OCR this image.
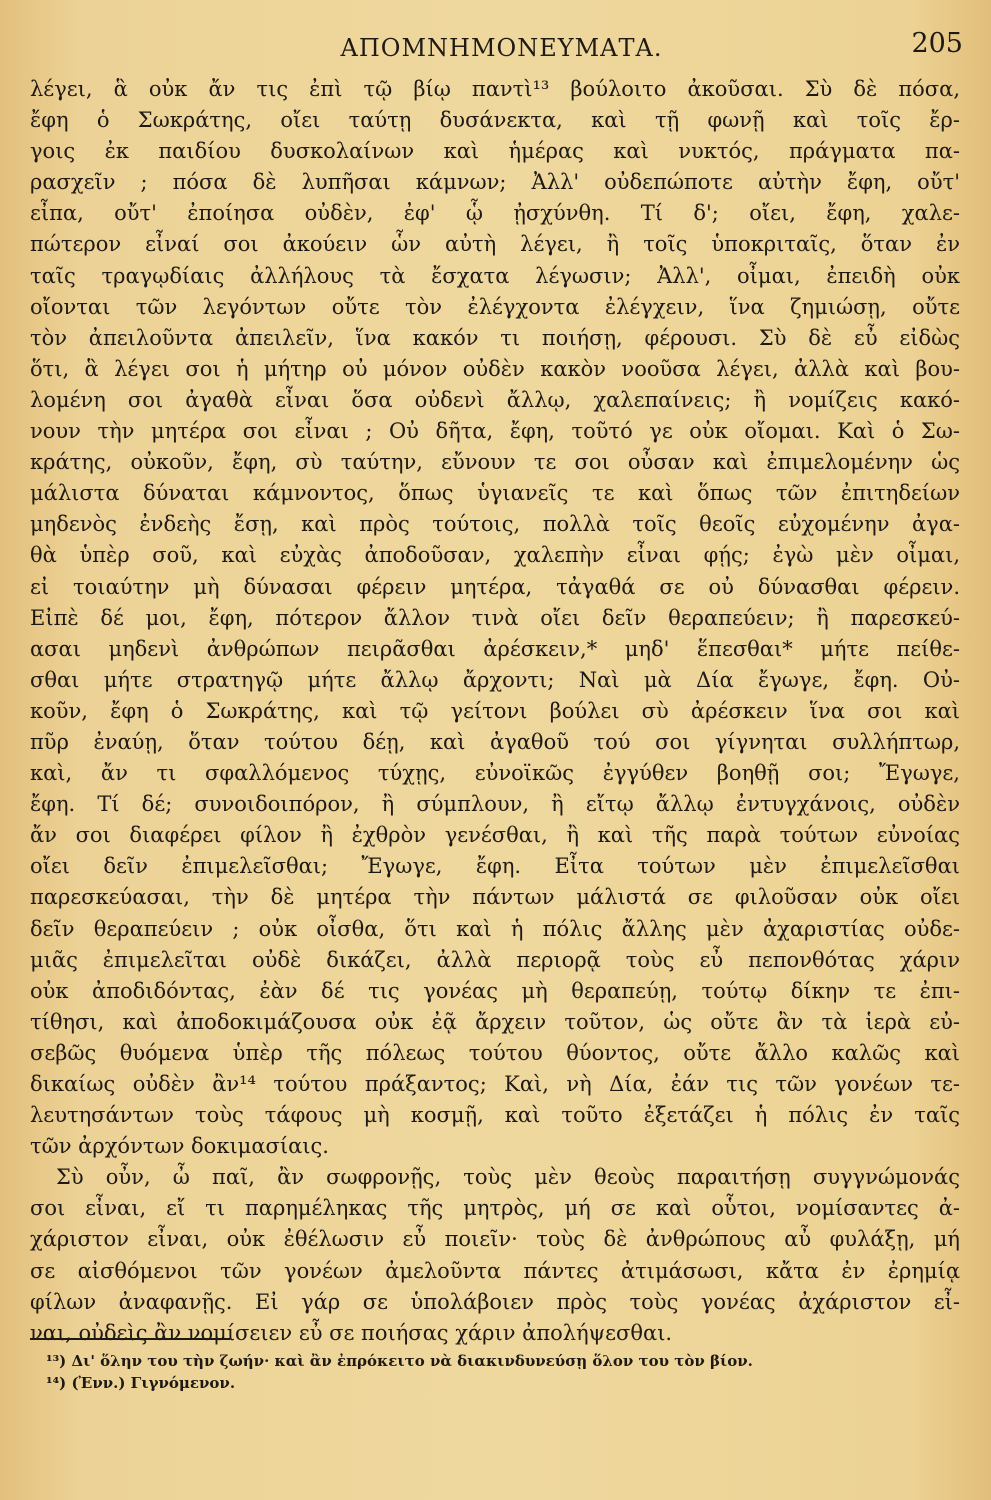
ΑΠΟΜΝΗΜΟΝΕΥΜΑΤΑ.	205
λέγει, ἃ οὐκ ἄν τις ἐπὶ τῷ βίῳ παντὶ¹³ βούλοιτο ἀκοῦσαι. Σὺ δὲ πόσα,
ἔφη ὁ Σωκράτης, οἴει ταύτῃ δυσάνεκτα, καὶ τῇ φωνῇ καὶ τοῖς ἔρ-
γοις ἐκ παιδίου δυσκολαίνων καὶ ἡμέρας καὶ νυκτός, πράγματα πα-
ρασχεῖν ; πόσα δὲ λυπῆσαι κάμνων; Ἀλλ' οὐδεπώποτε αὐτὴν ἔφη, οὔτ'
εἶπα, οὔτ' ἐποίησα οὐδὲν, ἐφ' ᾧ ᾐσχύνθη. Τί δ'; οἴει, ἔφη, χαλε-
πώτερον εἶναί σοι ἀκούειν ὧν αὐτὴ λέγει, ἢ τοῖς ὑποκριταῖς, ὅταν ἐν
ταῖς τραγῳδίαις ἀλλήλους τὰ ἔσχατα λέγωσιν; Ἀλλ', οἶμαι, ἐπειδὴ οὐκ
οἴονται τῶν λεγόντων οὔτε τὸν ἐλέγχοντα ἐλέγχειν, ἵνα ζημιώσῃ, οὔτε
τὸν ἀπειλοῦντα ἀπειλεῖν, ἵνα κακόν τι ποιήσῃ, φέρουσι. Σὺ δὲ εὖ εἰδὼς
ὅτι, ἃ λέγει σοι ἡ μήτηρ οὐ μόνον οὐδὲν κακὸν νοοῦσα λέγει, ἀλλὰ καὶ βου-
λομένη σοι ἀγαθὰ εἶναι ὅσα οὐδενὶ ἄλλῳ, χαλεπαίνεις; ἢ νομίζεις κακό-
νουν τὴν μητέρα σοι εἶναι ; Οὐ δῆτα, ἔφη, τοῦτό γε οὐκ οἴομαι. Καὶ ὁ Σω-
κράτης, οὐκοῦν, ἔφη, σὺ ταύτην, εὔνουν τε σοι οὖσαν καὶ ἐπιμελομένην ὡς
μάλιστα δύναται κάμνοντος, ὅπως ὑγιανεῖς τε καὶ ὅπως τῶν ἐπιτηδείων
μηδενὸς ἐνδεὴς ἔσῃ, καὶ πρὸς τούτοις, πολλὰ τοῖς θεοῖς εὐχομένην ἀγα-
θὰ ὑπὲρ σοῦ, καὶ εὐχὰς ἀποδοῦσαν, χαλεπὴν εἶναι φῄς; ἐγὼ μὲν οἶμαι,
εἰ τοιαύτην μὴ δύνασαι φέρειν μητέρα, τἀγαθά σε οὐ δύνασθαι φέρειν.
Εἰπὲ δέ μοι, ἔφη, πότερον ἄλλον τινὰ οἴει δεῖν θεραπεύειν; ἢ παρεσκεύ-
ασαι μηδενὶ ἀνθρώπων πειρᾶσθαι ἀρέσκειν,* μηδ' ἕπεσθαι* μήτε πείθε-
σθαι μήτε στρατηγῷ μήτε ἄλλῳ ἄρχοντι; Ναὶ μὰ Δία ἔγωγε, ἔφη. Οὐ-
κοῦν, ἔφη ὁ Σωκράτης, καὶ τῷ γείτονι βούλει σὺ ἀρέσκειν ἵνα σοι καὶ
πῦρ ἐναύῃ, ὅταν τούτου δέῃ, καὶ ἀγαθοῦ τού σοι γίγνηται συλλήπτωρ,
καὶ, ἄν τι σφαλλόμενος τύχῃς, εὐνοϊκῶς ἐγγύθεν βοηθῇ σοι; Ἔγωγε,
ἔφη. Τί δέ; συνοιδοιπόρον, ἢ σύμπλουν, ἢ εἴτῳ ἄλλῳ ἐντυγχάνοις, οὐδὲν
ἄν σοι διαφέρει φίλον ἢ ἐχθρὸν γενέσθαι, ἢ καὶ τῆς παρὰ τούτων εὐνοίας
οἴει δεῖν ἐπιμελεῖσθαι; Ἔγωγε, ἔφη. Εἶτα τούτων μὲν ἐπιμελεῖσθαι
παρεσκεύασαι, τὴν δὲ μητέρα τὴν πάντων μάλιστά σε φιλοῦσαν οὐκ οἴει
δεῖν θεραπεύειν ; οὐκ οἶσθα, ὅτι καὶ ἡ πόλις ἄλλης μὲν ἀχαριστίας οὐδε-
μιᾶς ἐπιμελεῖται οὐδὲ δικάζει, ἀλλὰ περιορᾷ τοὺς εὖ πεπονθότας χάριν
οὐκ ἀποδιδόντας, ἐὰν δέ τις γονέας μὴ θεραπεύῃ, τούτῳ δίκην τε ἐπι-
τίθησι, καὶ ἀποδοκιμάζουσα οὐκ ἐᾷ ἄρχειν τοῦτον, ὡς οὔτε ἂν τὰ ἱερὰ εὐ-
σεβῶς θυόμενα ὑπὲρ τῆς πόλεως τούτου θύοντος, οὔτε ἄλλο καλῶς καὶ
δικαίως οὐδὲν ἂν¹⁴ τούτου πράξαντος; Καὶ, νὴ Δία, ἐάν τις τῶν γονέων τε-
λευτησάντων τοὺς τάφους μὴ κοσμῇ, καὶ τοῦτο ἐξετάζει ἡ πόλις ἐν ταῖς
τῶν ἀρχόντων δοκιμασίαις.
Σὺ οὖν, ὦ παῖ, ἂν σωφρονῇς, τοὺς μὲν θεοὺς παραιτήσῃ συγγνώμονάς
σοι εἶναι, εἴ τι παρημέληκας τῆς μητρὸς, μή σε καὶ οὗτοι, νομίσαντες ἀ-
χάριστον εἶναι, οὐκ ἐθέλωσιν εὖ ποιεῖν· τοὺς δὲ ἀνθρώπους αὖ φυλάξῃ, μή
σε αἰσθόμενοι τῶν γονέων ἀμελοῦντα πάντες ἀτιμάσωσι, κἄτα ἐν ἐρημίᾳ
φίλων ἀναφανῇς. Εἰ γάρ σε ὑπολάβοιεν πρὸς τοὺς γονέας ἀχάριστον εἶ-
ναι, οὐδεὶς ἂν νομίσειεν εὖ σε ποιήσας χάριν ἀπολήψεσθαι.
¹³) Δι' ὅλην του τὴν ζωήν· καὶ ἂν ἐπρόκειτο νὰ διακινδυνεύσῃ ὅλον του τὸν βίον.
¹⁴) (Ἐνν.) Γιγνόμενον.
